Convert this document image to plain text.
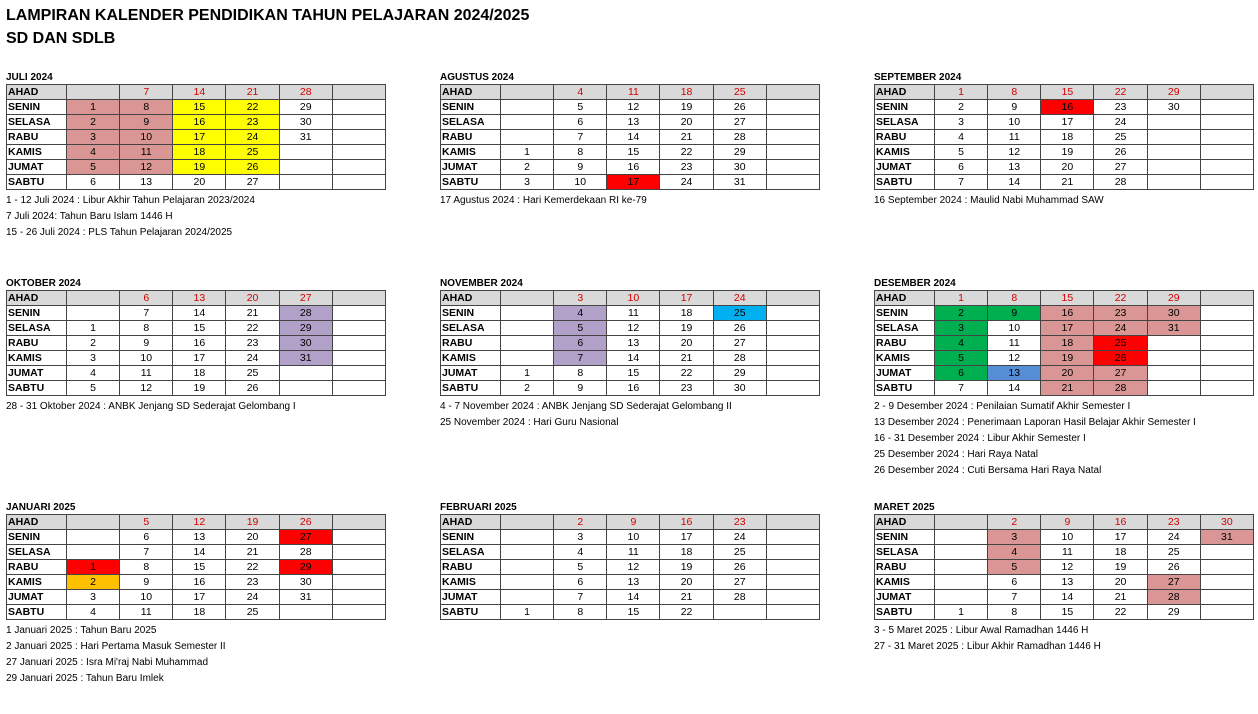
LAMPIRAN KALENDER PENDIDIKAN TAHUN PELAJARAN 2024/2025
SD DAN SDLB
JULI 2024
AHAD		7	14	21	28	
SENIN	1	8	15	22	29	
SELASA	2	9	16	23	30	
RABU	3	10	17	24	31	
KAMIS	4	11	18	25		
JUMAT	5	12	19	26		
SABTU	6	13	20	27		
1 - 12 Juli 2024 : Libur Akhir Tahun Pelajaran 2023/2024
7 Juli 2024: Tahun Baru Islam 1446 H
15 - 26 Juli 2024 : PLS Tahun Pelajaran 2024/2025
AGUSTUS 2024
AHAD		4	11	18	25	
SENIN		5	12	19	26	
SELASA		6	13	20	27	
RABU		7	14	21	28	
KAMIS	1	8	15	22	29	
JUMAT	2	9	16	23	30	
SABTU	3	10	17	24	31	
17 Agustus 2024 : Hari Kemerdekaan RI ke-79
SEPTEMBER 2024
AHAD	1	8	15	22	29	
SENIN	2	9	16	23	30	
SELASA	3	10	17	24		
RABU	4	11	18	25		
KAMIS	5	12	19	26		
JUMAT	6	13	20	27		
SABTU	7	14	21	28		
16 September 2024 : Maulid Nabi Muhammad SAW
OKTOBER 2024
AHAD		6	13	20	27	
SENIN		7	14	21	28	
SELASA	1	8	15	22	29	
RABU	2	9	16	23	30	
KAMIS	3	10	17	24	31	
JUMAT	4	11	18	25		
SABTU	5	12	19	26		
28 - 31 Oktober 2024 : ANBK Jenjang SD Sederajat Gelombang I
NOVEMBER 2024
AHAD		3	10	17	24	
SENIN		4	11	18	25	
SELASA		5	12	19	26	
RABU		6	13	20	27	
KAMIS		7	14	21	28	
JUMAT	1	8	15	22	29	
SABTU	2	9	16	23	30	
4 - 7 November 2024 : ANBK Jenjang SD Sederajat Gelombang II
25 November 2024 : Hari Guru Nasional
DESEMBER 2024
AHAD	1	8	15	22	29	
SENIN	2	9	16	23	30	
SELASA	3	10	17	24	31	
RABU	4	11	18	25		
KAMIS	5	12	19	26		
JUMAT	6	13	20	27		
SABTU	7	14	21	28		
2 - 9 Desember 2024 : Penilaian Sumatif Akhir Semester I
13 Desember 2024 : Penerimaan Laporan Hasil Belajar Akhir Semester I
16 - 31 Desember 2024 : Libur Akhir Semester I
25 Desember 2024 : Hari Raya Natal
26 Desember 2024 : Cuti Bersama Hari Raya Natal
JANUARI 2025
AHAD		5	12	19	26	
SENIN		6	13	20	27	
SELASA		7	14	21	28	
RABU	1	8	15	22	29	
KAMIS	2	9	16	23	30	
JUMAT	3	10	17	24	31	
SABTU	4	11	18	25		
1 Januari 2025 : Tahun Baru 2025
2 Januari 2025 : Hari Pertama Masuk Semester II
27 Januari 2025 : Isra Mi'raj Nabi Muhammad
29 Januari 2025 : Tahun Baru Imlek
FEBRUARI 2025
AHAD		2	9	16	23	
SENIN		3	10	17	24	
SELASA		4	11	18	25	
RABU		5	12	19	26	
KAMIS		6	13	20	27	
JUMAT		7	14	21	28	
SABTU	1	8	15	22		
MARET 2025
AHAD		2	9	16	23	30
SENIN		3	10	17	24	31
SELASA		4	11	18	25	
RABU		5	12	19	26	
KAMIS		6	13	20	27	
JUMAT		7	14	21	28	
SABTU	1	8	15	22	29	
3 - 5 Maret 2025 : Libur Awal Ramadhan 1446 H
27 - 31 Maret 2025 : Libur Akhir Ramadhan 1446 H
